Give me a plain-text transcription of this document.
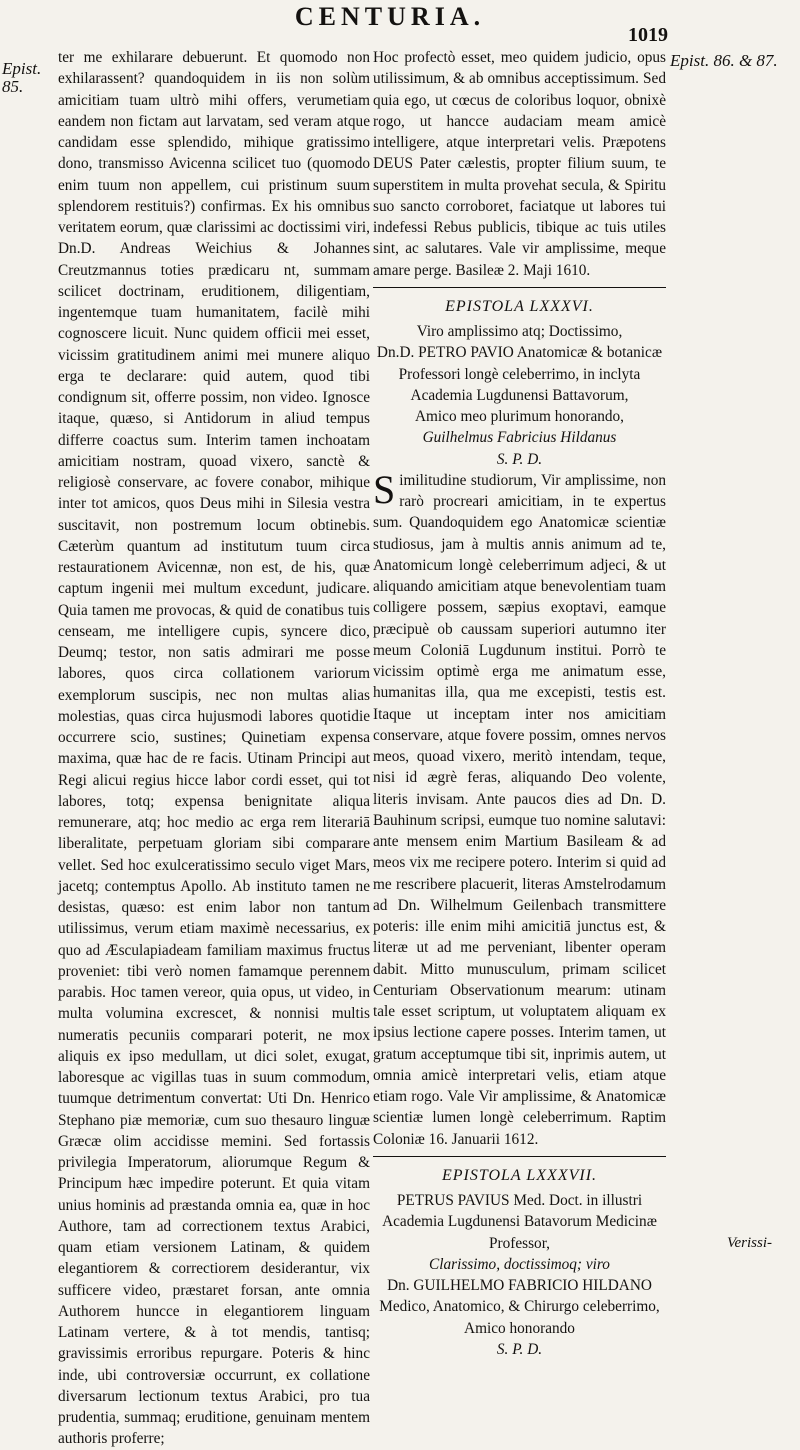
CENTURIA.
1019
Epist. 85.
Epist. 86. & 87.

ter me exhilarare debuerunt. Et quomodo non exhilarassent? quandoquidem in iis non solùm amicitiam tuam ultrò mihi offers, verumetiam eandem non fictam aut larvatam, sed veram atque candidam esse splendido, mihique gratissimo dono, transmisso Avicenna scilicet tuo (quomodo enim tuum non appellem, cui pristinum suum splendorem restituis?) confirmas. Ex his omnibus veritatem eorum, quæ clarissimi ac doctissimi viri, Dn.D. Andreas Weichius & Johannes Creutzmannus toties prædicaru nt, summam scilicet doctrinam, eruditionem, diligentiam, ingentemque tuam humanitatem, facilè mihi cognoscere licuit. Nunc quidem officii mei esset, vicissim gratitudinem animi mei munere aliquo erga te declarare: quid autem, quod tibi condignum sit, offerre possim, non video. Ignosce itaque, quæso, si Antidorum in aliud tempus differre coactus sum. Interim tamen inchoatam amicitiam nostram, quoad vixero, sanctè & religiosè conservare, ac fovere conabor, mihique inter tot amicos, quos Deus mihi in Silesia vestra suscitavit, non postremum locum obtinebis. Cæterùm quantum ad institutum tuum circa restaurationem Avicennæ, non est, de his, quæ captum ingenii mei multum excedunt, judicare. Quia tamen me provocas, & quid de conatibus tuis censeam, me intelligere cupis, syncere dico, Deumq; testor, non satis admirari me posse labores, quos circa collationem variorum exemplorum suscipis, nec non multas alias molestias, quas circa hujusmodi labores quotidie occurrere scio, sustines; Quinetiam expensa maxima, quæ hac de re facis. Utinam Principi aut Regi alicui regius hicce labor cordi esset, qui tot labores, totq; expensa benignitate aliqua remunerare, atq; hoc medio ac erga rem literariā liberalitate, perpetuam gloriam sibi comparare vellet. Sed hoc exulceratissimo seculo viget Mars, jacetq; contemptus Apollo. Ab instituto tamen ne desistas, quæso: est enim labor non tantum utilissimus, verum etiam maximè necessarius, ex quo ad Æsculapiadeam familiam maximus fructus proveniet: tibi verò nomen famamque perennem parabis. Hoc tamen vereor, quia opus, ut video, in multa volumina excrescet, & nonnisi multis numeratis pecuniis comparari poterit, ne mox aliquis ex ipso medullam, ut dici solet, exugat, laboresque ac vigillas tuas in suum commodum, tuumque detrimentum convertat: Uti Dn. Henrico Stephano piæ memoriæ, cum suo thesauro linguæ Græcæ olim accidisse memini. Sed fortassis privilegia Imperatorum, aliorumque Regum & Principum hæc impedire poterunt. Et quia vitam unius hominis ad præstanda omnia ea, quæ in hoc Authore, tam ad correctionem textus Arabici, quam etiam versionem Latinam, & quidem elegantiorem & correctiorem desiderantur, vix sufficere video, præstaret forsan, ante omnia Authorem huncce in elegantiorem linguam Latinam vertere, & à tot mendis, tantisq; gravissimis erroribus repurgare. Poteris & hinc inde, ubi controversiæ occurrunt, ex collatione diversarum lectionum textus Arabici, pro tua prudentia, summaq; eruditione, genuinam mentem authoris proferre;

Hoc profectò esset, meo quidem judicio, opus utilissimum, & ab omnibus acceptissimum. Sed quia ego, ut cœcus de coloribus loquor, obnixè rogo, ut hancce audaciam meam amicè intelligere, atque interpretari velis. Præpotens DEUS Pater cælestis, propter filium suum, te superstitem in multa provehat secula, & Spiritu suo sancto corroboret, faciatque ut labores tui indefessi Rebus publicis, tibique ac tuis utiles sint, ac salutares. Vale vir amplissime, meque amare perge. Basileæ 2. Maji 1610.

EPISTOLA LXXXVI.
Viro amplissimo atq; Doctissimo,
Dn.D. PETRO PAVIO Anatomicæ & botanicæ Professori longè celeberrimo, in inclyta Academia Lugdunensi Battavorum,
Amico meo plurimum honorando,
Guilhelmus Fabricius Hildanus
S. P. D.
S imilitudine studiorum, Vir amplissime, non rarò procreari amicitiam, in te expertus sum. Quandoquidem ego Anatomicæ scientiæ studiosus, jam à multis annis animum ad te, Anatomicum longè celeberrimum adjeci, & ut aliquando amicitiam atque benevolentiam tuam colligere possem, sæpius exoptavi, eamque præcipuè ob caussam superiori autumno iter meum Coloniā Lugdunum institui. Porrò te vicissim optimè erga me animatum esse, humanitas illa, qua me excepisti, testis est. Itaque ut inceptam inter nos amicitiam conservare, atque fovere possim, omnes nervos meos, quoad vixero, meritò intendam, teque, nisi id ægrè feras, aliquando Deo volente, literis invisam. Ante paucos dies ad Dn. D. Bauhinum scripsi, eumque tuo nomine salutavi: ante mensem enim Martium Basileam & ad meos vix me recipere potero. Interim si quid ad me rescribere placuerit, literas Amstelrodamum ad Dn. Wilhelmum Geilenbach transmittere poteris: ille enim mihi amicitiā junctus est, & literæ ut ad me perveniant, libenter operam dabit. Mitto munusculum, primam scilicet Centuriam Observationum mearum: utinam tale esset scriptum, ut voluptatem aliquam ex ipsius lectione capere posses. Interim tamen, ut gratum acceptumque tibi sit, inprimis autem, ut omnia amicè interpretari velis, etiam atque etiam rogo. Vale Vir amplissime, & Anatomicæ scientiæ lumen longè celeberrimum. Raptim Coloniæ 16. Januarii 1612.
EPISTOLA LXXXVII.
PETRUS PAVIUS Med. Doct. in illustri Academia Lugdunensi Batavorum Medicinæ Professor,
Clarissimo, doctissimoq; viro
Dn. GUILHELMO FABRICIO HILDANO Medico, Anatomico, & Chirurgo celeberrimo, Amico honorando
S. P. D.
Verissi-
